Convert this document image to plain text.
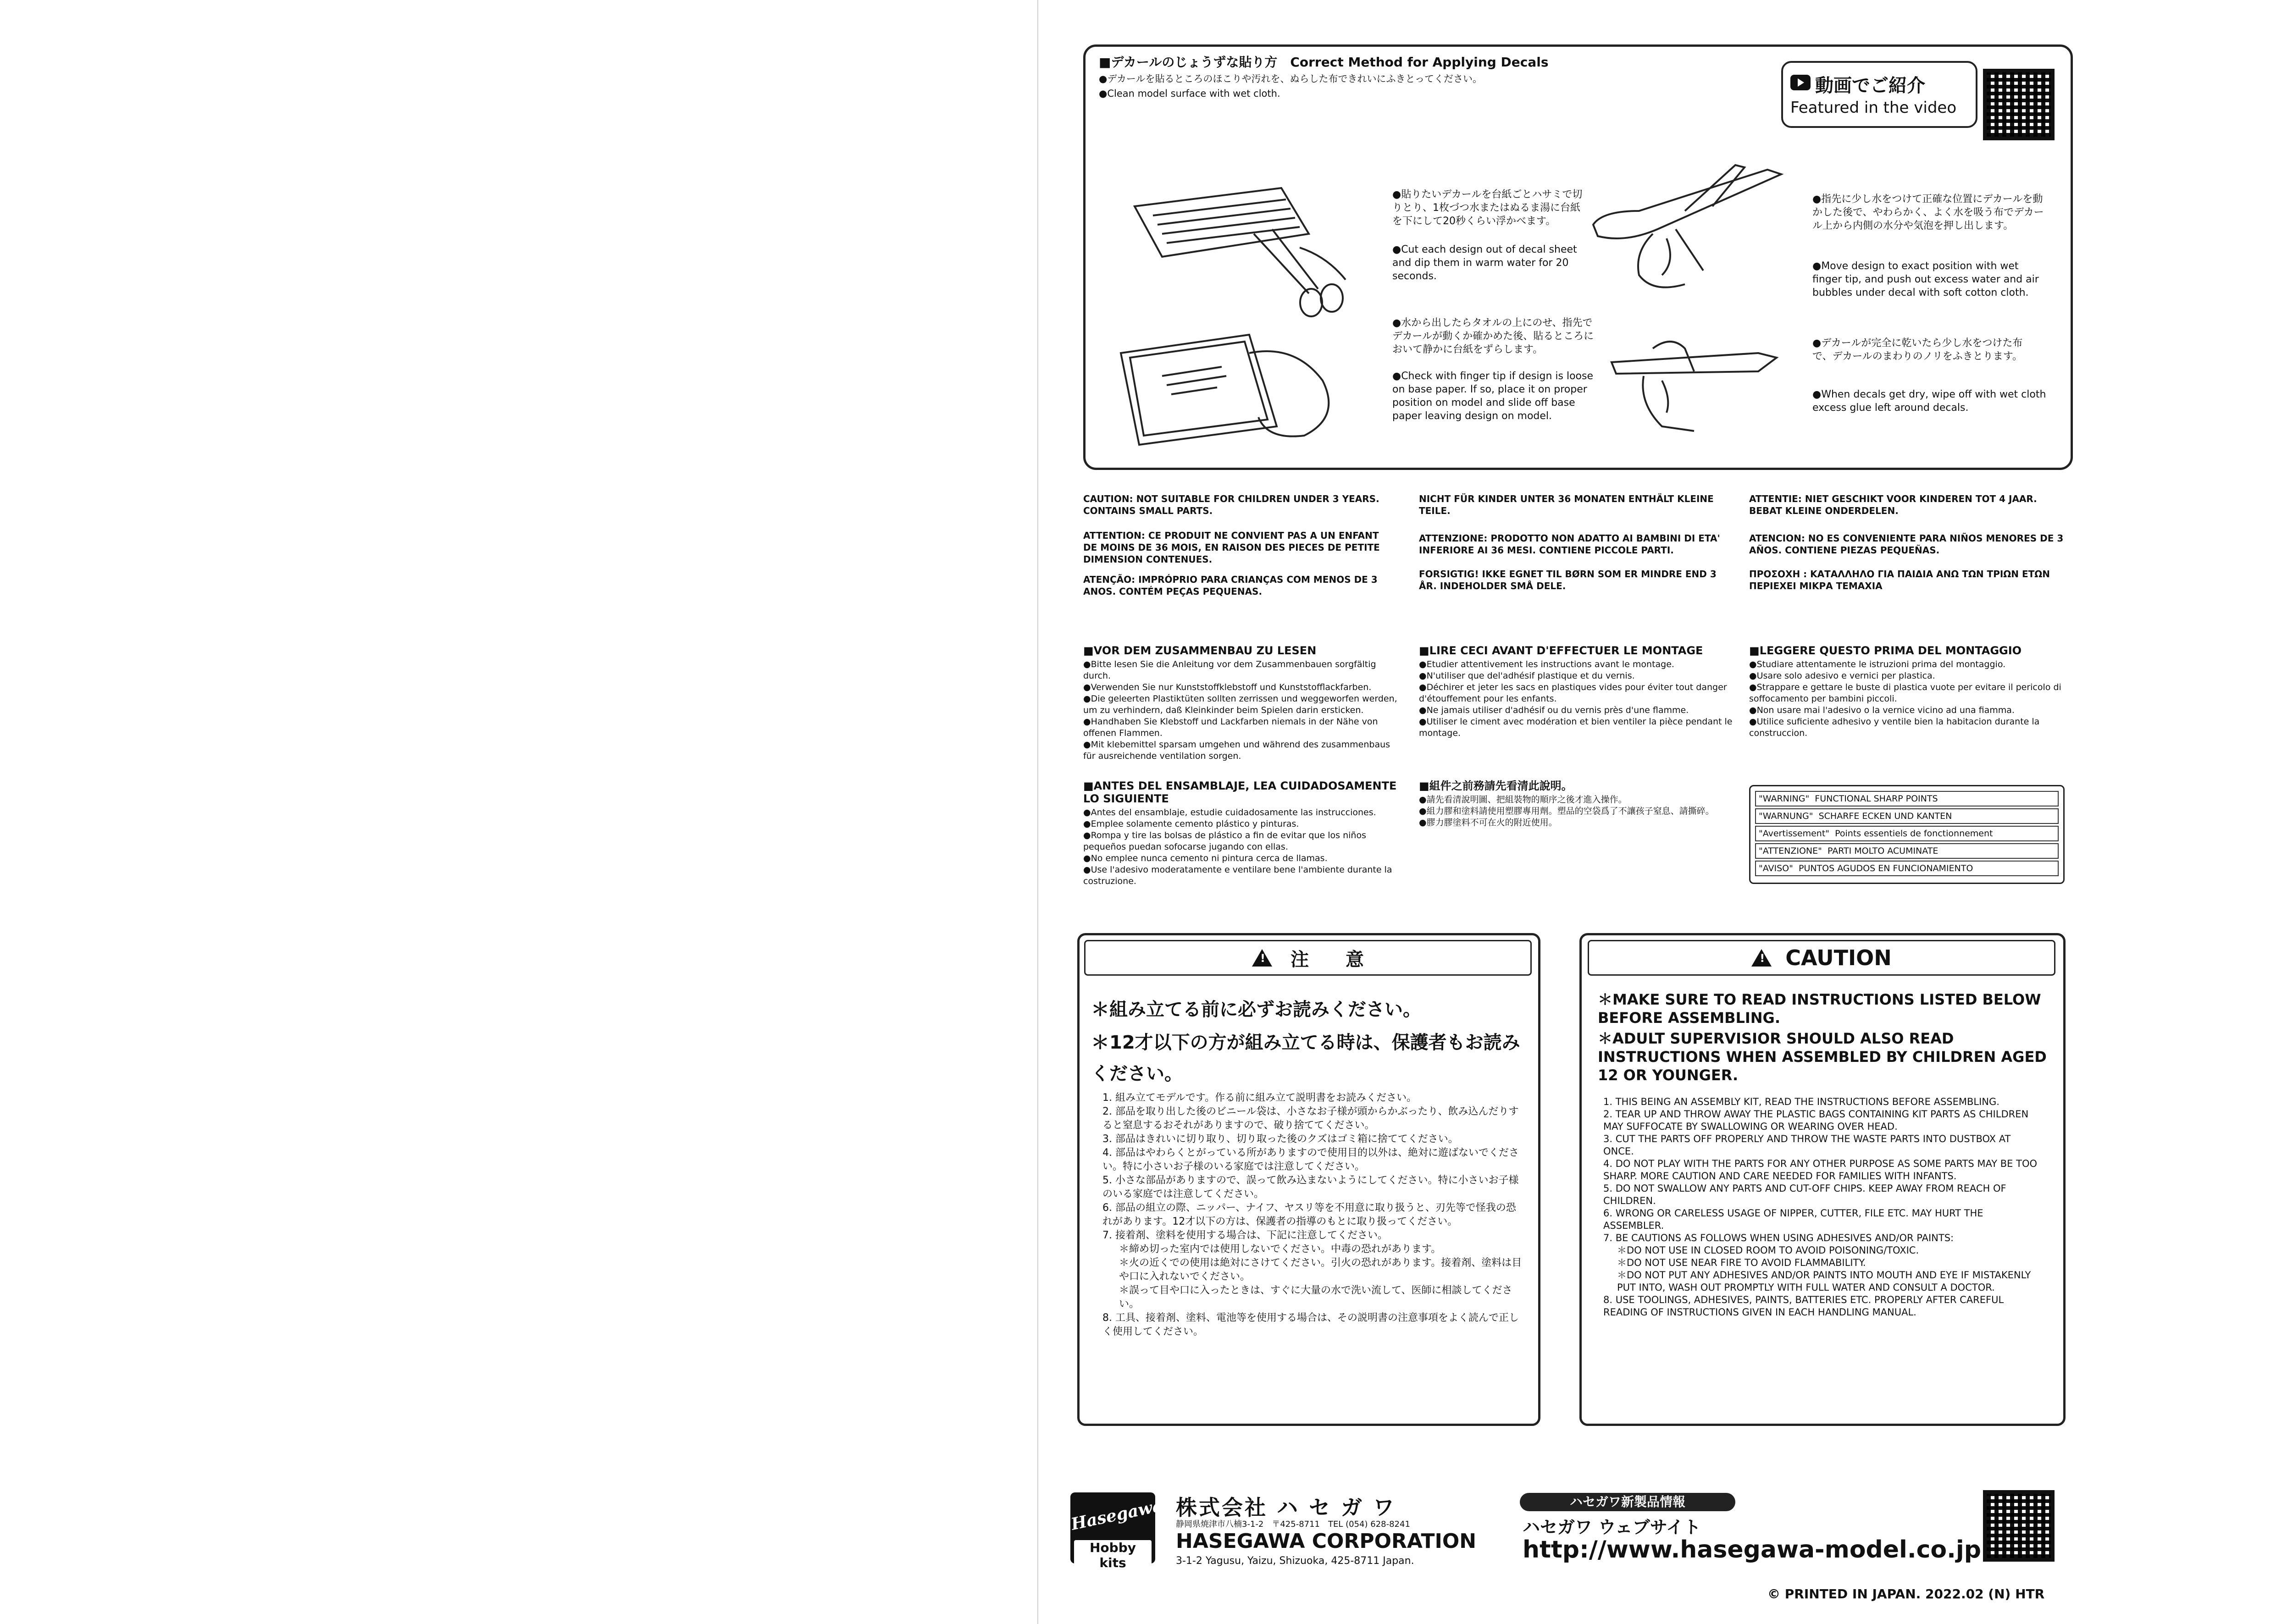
■デカールのじょうずな貼り方　Correct Method for Applying Decals
●デカールを貼るところのほこりや汚れを、ぬらした布できれいにふきとってください。
●Clean model surface with wet cloth.	動画でご紹介
Featured in the video
●貼りたいデカールを台紙ごとハサミで切りとり、1枚づつ水またはぬるま湯に台紙を下にして20秒くらい浮かべます。
●Cut each design out of decal sheet and dip them in warm water for 20 seconds.
●水から出したらタオルの上にのせ、指先でデカールが動くか確かめた後、貼るところにおいて静かに台紙をずらします。
●Check with finger tip if design is loose on base paper. If so, place it on proper position on model and slide off base paper leaving design on model.
●指先に少し水をつけて正確な位置にデカールを動かした後で、やわらかく、よく水を吸う布でデカール上から内側の水分や気泡を押し出します。
●Move design to exact position with wet finger tip, and push out excess water and air bubbles under decal with soft cotton cloth.
●デカールが完全に乾いたら少し水をつけた布で、デカールのまわりのノリをふきとります。
●When decals get dry, wipe off with wet cloth excess glue left around decals.
CAUTION: NOT SUITABLE FOR CHILDREN UNDER 3 YEARS. CONTAINS SMALL PARTS.
ATTENTION: CE PRODUIT NE CONVIENT PAS A UN ENFANT DE MOINS DE 36 MOIS, EN RAISON DES PIECES DE PETITE DIMENSION CONTENUES.
ATENÇÃO: IMPRÓPRIO PARA CRIANÇAS COM MENOS DE 3 ANOS. CONTÉM PEÇAS PEQUENAS.
NICHT FÜR KINDER UNTER 36 MONATEN ENTHÄLT KLEINE TEILE.
ATTENZIONE: PRODOTTO NON ADATTO AI BAMBINI DI ETA' INFERIORE AI 36 MESI. CONTIENE PICCOLE PARTI.
FORSIGTIG! IKKE EGNET TIL BØRN SOM ER MINDRE END 3 ÅR. INDEHOLDER SMÅ DELE.
ATTENTIE: NIET GESCHIKT VOOR KINDEREN TOT 4 JAAR. BEBAT KLEINE ONDERDELEN.
ATENCION: NO ES CONVENIENTE PARA NIÑOS MENORES DE 3 AÑOS. CONTIENE PIEZAS PEQUEÑAS.
ΠΡΟΣΟΧΗ : ΚΑΤΑΛΛΗΛΟ ΓΙΑ ΠΑΙΔΙΑ ΑΝΩ ΤΩΝ ΤΡΙΩΝ ΕΤΩΝ ΠΕΡΙΕΧΕΙ ΜΙΚΡΑ ΤΕΜΑΧΙΑ
■VOR DEM ZUSAMMENBAU ZU LESEN
●Bitte lesen Sie die Anleitung vor dem Zusammenbauen sorgfältig durch.
●Verwenden Sie nur Kunststoffklebstoff und Kunststofflackfarben.
●Die geleerten Plastiktüten sollten zerrissen und weggeworfen werden, um zu verhindern, daß Kleinkinder beim Spielen darin ersticken.
●Handhaben Sie Klebstoff und Lackfarben niemals in der Nähe von offenen Flammen.
●Mit klebemittel sparsam umgehen und während des zusammenbaus für ausreichende ventilation sorgen.
■LIRE CECI AVANT D'EFFECTUER LE MONTAGE
●Etudier attentivement les instructions avant le montage.
●N'utiliser que del'adhésif plastique et du vernis.
●Déchirer et jeter les sacs en plastiques vides pour éviter tout danger d'étouffement pour les enfants.
●Ne jamais utiliser d'adhésif ou du vernis près d'une flamme.
●Utiliser le ciment avec modération et bien ventiler la pièce pendant le montage.
■LEGGERE QUESTO PRIMA DEL MONTAGGIO
●Studiare attentamente le istruzioni prima del montaggio.
●Usare solo adesivo e vernici per plastica.
●Strappare e gettare le buste di plastica vuote per evitare il pericolo di soffocamento per bambini piccoli.
●Non usare mai l'adesivo o la vernice vicino ad una fiamma.
●Utilice suficiente adhesivo y ventile bien la habitacion durante la construccion.
■ANTES DEL ENSAMBLAJE, LEA CUIDADOSAMENTE LO SIGUIENTE
●Antes del ensamblaje, estudie cuidadosamente las instrucciones.
●Emplee solamente cemento plástico y pinturas.
●Rompa y tire las bolsas de plástico a fin de evitar que los niños pequeños puedan sofocarse jugando con ellas.
●No emplee nunca cemento ni pintura cerca de llamas.
●Use l'adesivo moderatamente e ventilare bene l'ambiente durante la costruzione.
■組件之前務請先看清此說明。
●請先看清說明圖、把組裝物的順序之後才進入操作。
●組力膠和塗料請使用塑膠專用劑。塑品的空袋爲了不讓孩子窒息、請撕碎。
●膠力膠塗料不可在火的附近使用。
"WARNING" FUNCTIONAL SHARP POINTS
"WARNUNG" SCHARFE ECKEN UND KANTEN
"Avertissement" Points essentiels de fonctionnement
"ATTENZIONE" PARTI MOLTO ACUMINATE
"AVISO" PUNTOS AGUDOS EN FUNCIONAMIENTO
!
注　　意
＊組み立てる前に必ずお読みください。
＊12才以下の方が組み立てる時は、保護者もお読みください。
1. 組み立てモデルです。作る前に組み立て説明書をお読みください。
2. 部品を取り出した後のビニール袋は、小さなお子様が頭からかぶったり、飲み込んだりすると窒息するおそれがありますので、破り捨ててください。
3. 部品はきれいに切り取り、切り取った後のクズはゴミ箱に捨ててください。
4. 部品はやわらくとがっている所がありますので使用目的以外は、絶対に遊ばないでください。特に小さいお子様のいる家庭では注意してください。
5. 小さな部品がありますので、誤って飲み込まないようにしてください。特に小さいお子様のいる家庭では注意してください。
6. 部品の組立の際、ニッパー、ナイフ、ヤスリ等を不用意に取り扱うと、刃先等で怪我の恐れがあります。12才以下の方は、保護者の指導のもとに取り扱ってください。
7. 接着剤、塗料を使用する場合は、下記に注意してください。
＊締め切った室内では使用しないでください。中毒の恐れがあります。
＊火の近くでの使用は絶対にさけてください。引火の恐れがあります。接着剤、塗料は目や口に入れないでください。
＊誤って目や口に入ったときは、すぐに大量の水で洗い流して、医師に相談してください。
8. 工具、接着剤、塗料、電池等を使用する場合は、その説明書の注意事項をよく読んで正しく使用してください。
!
CAUTION
＊MAKE SURE TO READ INSTRUCTIONS LISTED BELOW BEFORE ASSEMBLING.
＊ADULT SUPERVISIOR SHOULD ALSO READ INSTRUCTIONS WHEN ASSEMBLED BY CHILDREN AGED 12 OR YOUNGER.
1. THIS BEING AN ASSEMBLY KIT, READ THE INSTRUCTIONS BEFORE ASSEMBLING.
2. TEAR UP AND THROW AWAY THE PLASTIC BAGS CONTAINING KIT PARTS AS CHILDREN MAY SUFFOCATE BY SWALLOWING OR WEARING OVER HEAD.
3. CUT THE PARTS OFF PROPERLY AND THROW THE WASTE PARTS INTO DUSTBOX AT ONCE.
4. DO NOT PLAY WITH THE PARTS FOR ANY OTHER PURPOSE AS SOME PARTS MAY BE TOO SHARP. MORE CAUTION AND CARE NEEDED FOR FAMILIES WITH INFANTS.
5. DO NOT SWALLOW ANY PARTS AND CUT-OFF CHIPS. KEEP AWAY FROM REACH OF CHILDREN.
6. WRONG OR CARELESS USAGE OF NIPPER, CUTTER, FILE ETC. MAY HURT THE ASSEMBLER.
7. BE CAUTIONS AS FOLLOWS WHEN USING ADHESIVES AND/OR PAINTS:
＊DO NOT USE IN CLOSED ROOM TO AVOID POISONING/TOXIC.
＊DO NOT USE NEAR FIRE TO AVOID FLAMMABILITY.
＊DO NOT PUT ANY ADHESIVES AND/OR PAINTS INTO MOUTH AND EYE IF MISTAKENLY PUT INTO, WASH OUT PROMPTLY WITH FULL WATER AND CONSULT A DOCTOR.
8. USE TOOLINGS, ADHESIVES, PAINTS, BATTERIES ETC. PROPERLY AFTER CAREFUL READING OF INSTRUCTIONS GIVEN IN EACH HANDLING MANUAL.
Hasegawa
Hobby kits
株式会社 ハ セ ガ ワ
静岡県焼津市八楠3-1-2　〒425-8711　TEL (054) 628-8241
HASEGAWA CORPORATION
3-1-2 Yagusu, Yaizu, Shizuoka, 425-8711 Japan.
ハセガワ新製品情報
ハセガワ ウェブサイト
http://www.hasegawa-model.co.jp
© PRINTED IN JAPAN. 2022.02 (N) HTR
